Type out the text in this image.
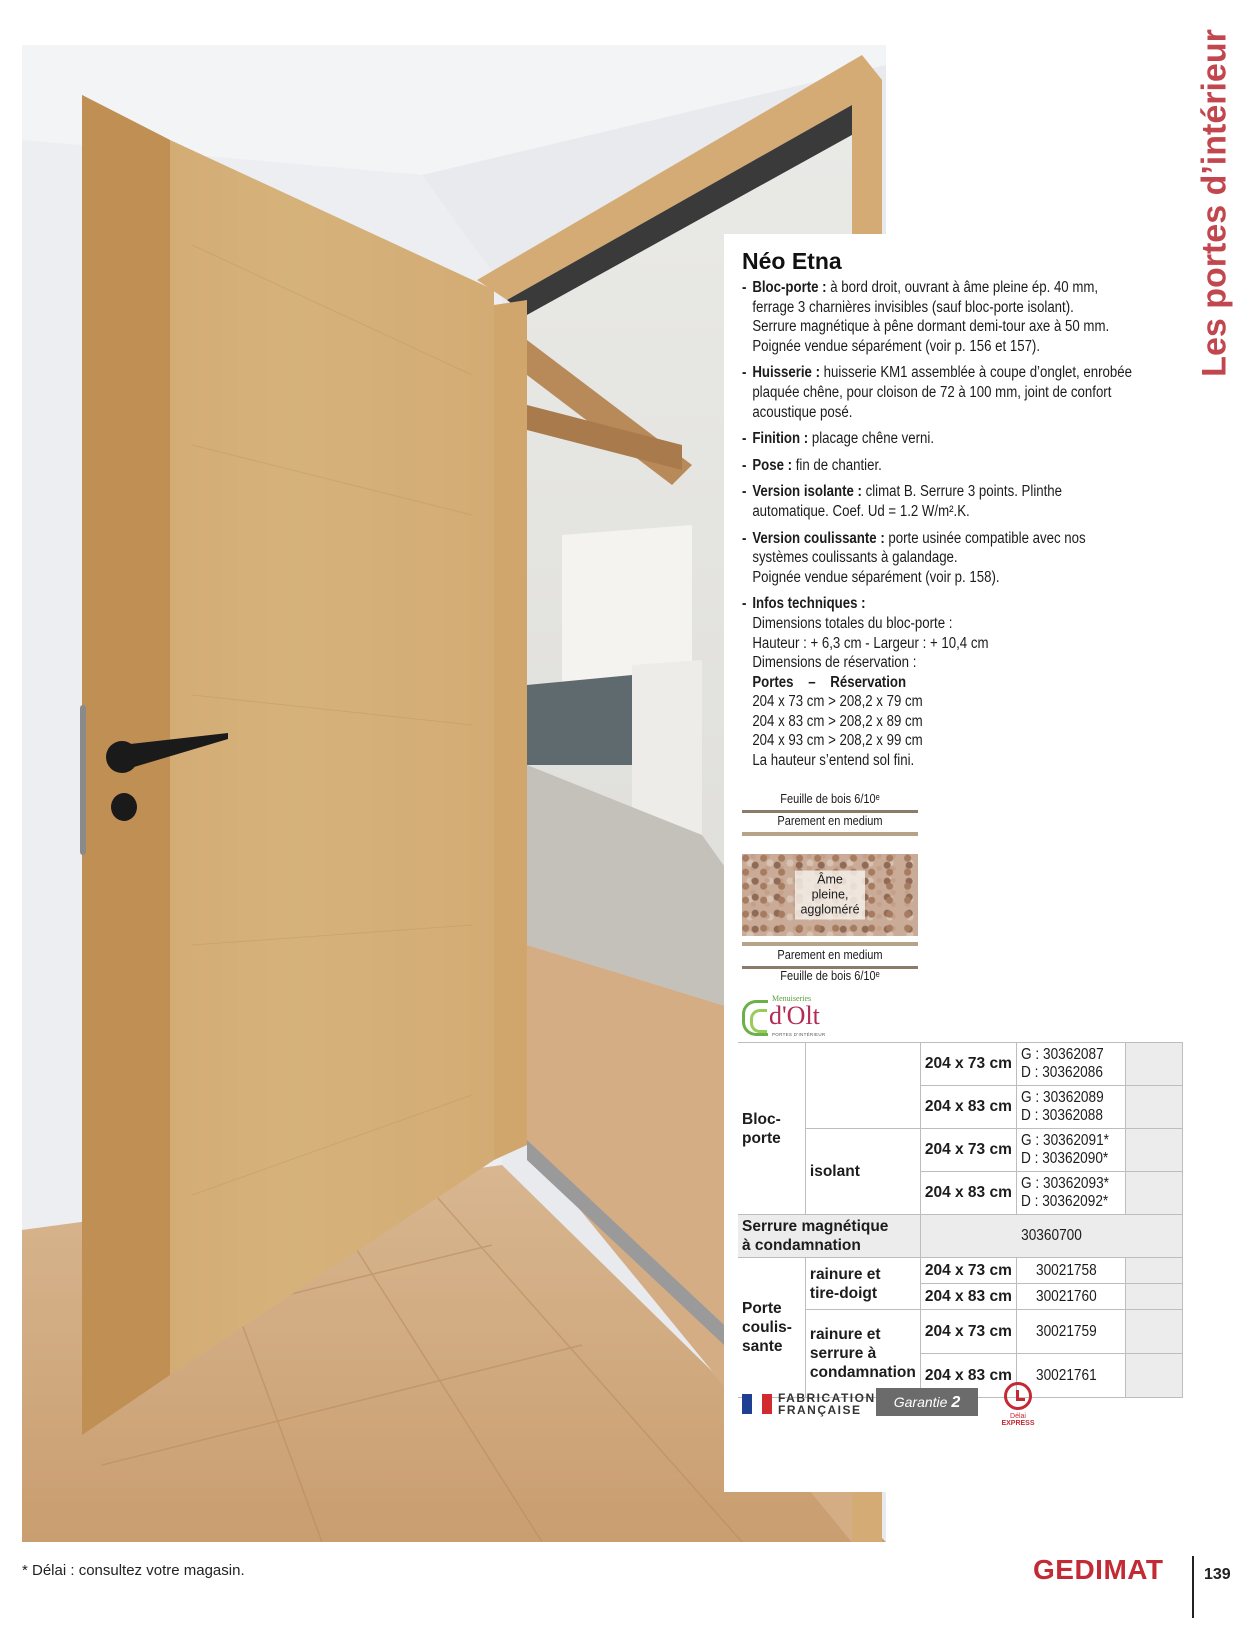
Les portes d’intérieur
Néo Etna
- Bloc-porte : à bord droit, ouvrant à âme pleine ép. 40 mm,
ferrage 3 charnières invisibles (sauf bloc-porte isolant).
Serrure magnétique à pêne dormant demi-tour axe à 50 mm.
Poignée vendue séparément (voir p. 156 et 157).
- Huisserie : huisserie KM1 assemblée à coupe d’onglet, enrobée
plaquée chêne, pour cloison de 72 à 100 mm, joint de confort
acoustique posé.
- Finition : placage chêne verni.
- Pose : fin de chantier.
- Version isolante : climat B. Serrure 3 points. Plinthe
automatique. Coef. Ud = 1.2 W/m².K.
- Version coulissante : porte usinée compatible avec nos
systèmes coulissants à galandage.
Poignée vendue séparément (voir p. 158).
- Infos techniques :
Dimensions totales du bloc-porte :
Hauteur : + 6,3 cm - Largeur : + 10,4 cm
Dimensions de réservation :
Portes    –    Réservation
204 x 73 cm > 208,2 x 79 cm
204 x 83 cm > 208,2 x 89 cm
204 x 93 cm > 208,2 x 99 cm
La hauteur s’entend sol fini.
Feuille de bois 6/10ᵉ
Parement en medium
Âme pleine, aggloméré
Parement en medium
Feuille de bois 6/10ᵉ
Menuiseries
d'Olt
PORTES D'INTÉRIEUR
Bloc-
porte		204 x 73 cm	G : 30362087
D : 30362086	

		204 x 83 cm	G : 30362089
D : 30362088	

	isolant	204 x 73 cm	G : 30362091*
D : 30362090*	

		204 x 83 cm	G : 30362093*
D : 30362092*	

Serrure magnétique
à condamnation		30360700		
Porte
coulis-
sante	rainure et
tire-doigt	204 x 73 cm	30021758	
		204 x 83 cm	30021760	
	rainure et
serrure à
condamnation	204 x 73 cm	30021759	
		204 x 83 cm	30021761	
FABRICATION
FRANÇAISE	Garantie 2 ANS
Délai
EXPRESS
* Délai : consultez votre magasin.	GEDIMAT	139
